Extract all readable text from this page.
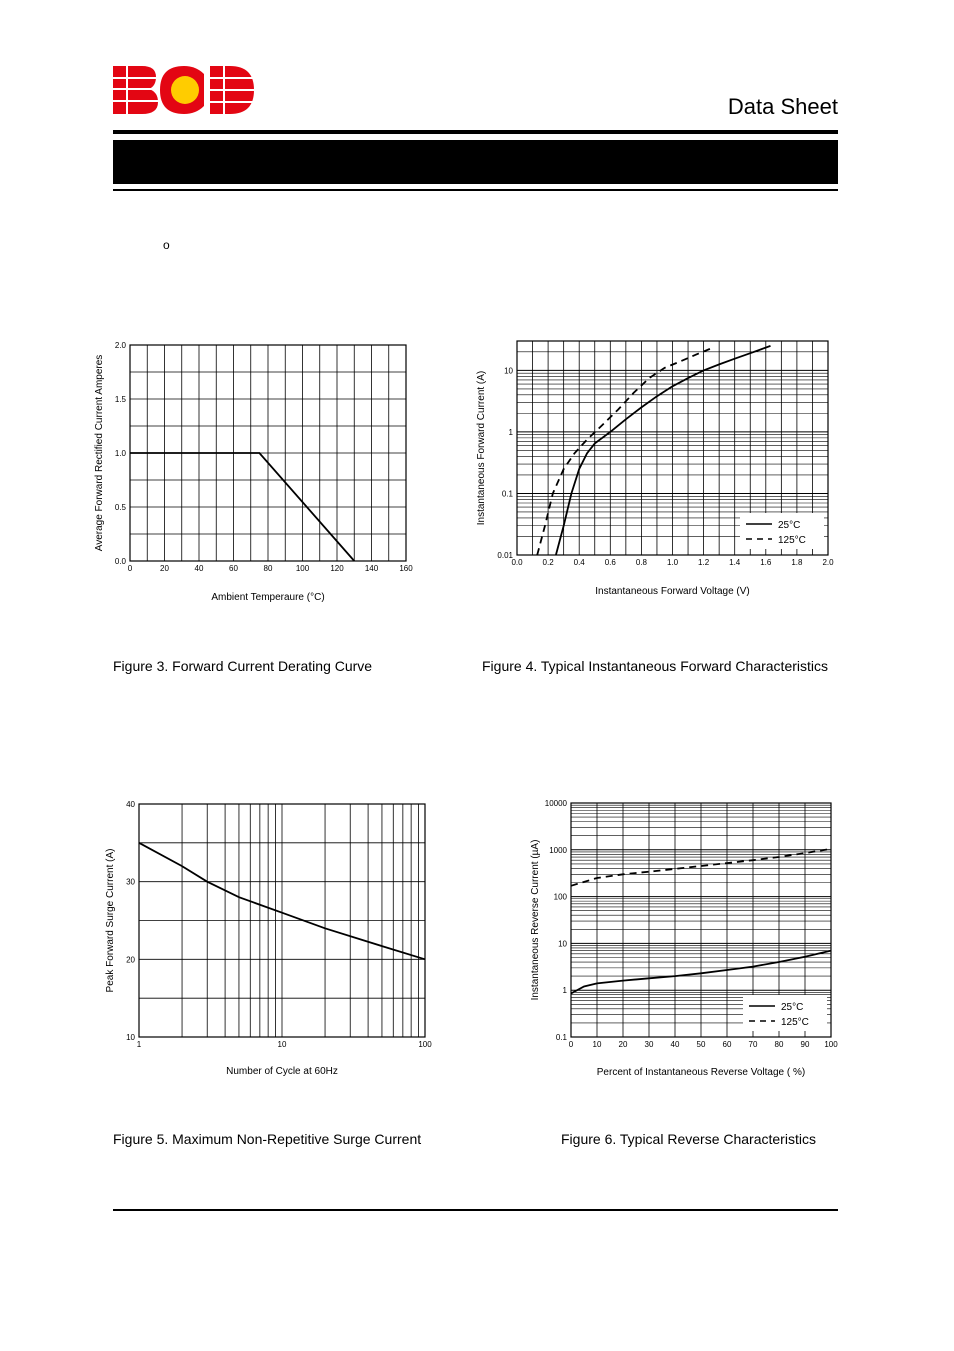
Data Sheet
o
0	20	40	60	80	100	120	140	160
0.0
0.5
1.0
1.5
2.0
Ambient Temperaure (°C)
Average Forward Rectified Current Amperes
0.0 0.2 0.4 0.6 0.8 1.0 1.2 1.4 1.6 1.8 2.0
0.01
0.1
1
10
Instantaneous Forward Voltage (V)
Instantaneous Forward Current (A)
25°C
125°C
1	10	100
10
20
30
40
Number of Cycle at 60Hz
Peak Forward Surge Current (A)
0 10 20 30 40 50 60 70 80 90 100
0.1
1
10
100
1000
10000
Percent of Instantaneous Reverse Voltage ( %)
Instantaneous Reverse Current (µA)
25°C
125°C
Figure 3. Forward Current Derating Curve	Figure 4. Typical Instantaneous Forward Characteristics
Figure 5. Maximum Non-Repetitive Surge Current	Figure 6. Typical Reverse Characteristics
